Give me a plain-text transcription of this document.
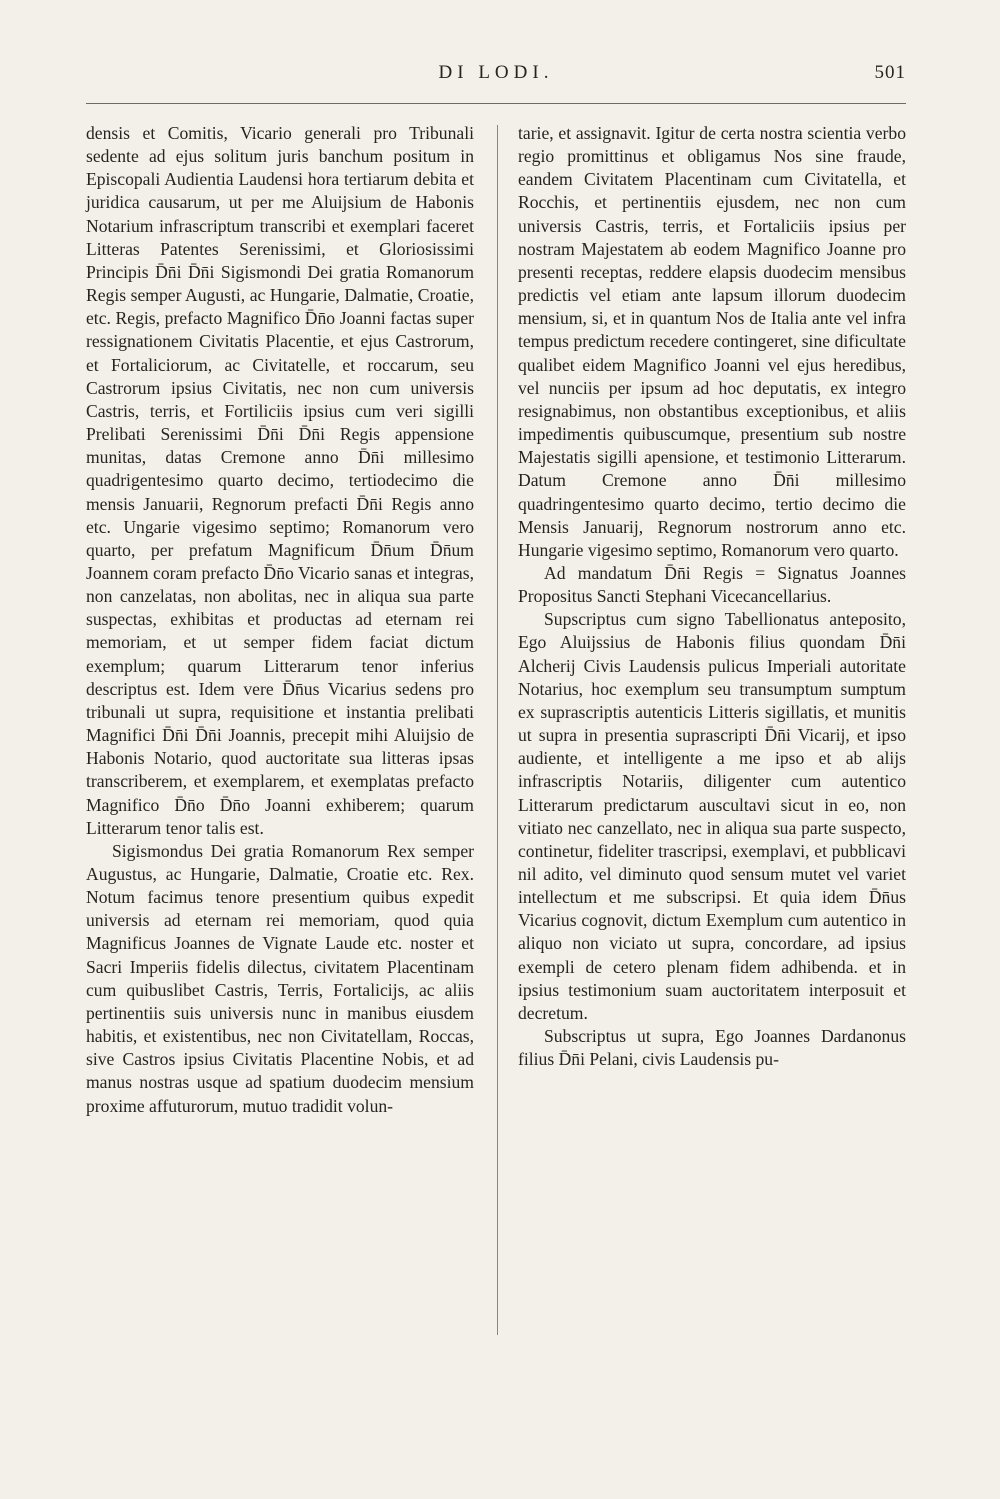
DI LODI.	501

densis et Comitis, Vicario generali pro Tribunali sedente ad ejus solitum juris banchum positum in Episcopali Audientia Laudensi hora tertiarum debita et juridica causarum, ut per me Aluijsium de Habonis Notarium infrascriptum transcribi et exemplari faceret Litteras Patentes Serenissimi, et Gloriosissimi Principis D̄n̄i D̄n̄i Sigismondi Dei gratia Romanorum Regis semper Augusti, ac Hungarie, Dalmatie, Croatie, etc. Regis, prefacto Magnifico D̄n̄o Joanni factas super ressignationem Civitatis Placentie, et ejus Castrorum, et Fortaliciorum, ac Civitatelle, et roccarum, seu Castrorum ipsius Civitatis, nec non cum universis Castris, terris, et Fortiliciis ipsius cum veri sigilli Prelibati Serenissimi D̄n̄i D̄n̄i Regis appensione munitas, datas Cremone anno D̄n̄i millesimo quadrigentesimo quarto decimo, tertiodecimo die mensis Januarii, Regnorum prefacti D̄n̄i Regis anno etc. Ungarie vigesimo septimo; Romanorum vero quarto, per prefatum Magnificum D̄n̄um D̄n̄um Joannem coram prefacto D̄n̄o Vicario sanas et integras, non canzelatas, non abolitas, nec in aliqua sua parte suspectas, exhibitas et productas ad eternam rei memoriam, et ut semper fidem faciat dictum exemplum; quarum Litterarum tenor inferius descriptus est. Idem vere D̄n̄us Vicarius sedens pro tribunali ut supra, requisitione et instantia prelibati Magnifici D̄n̄i D̄n̄i Joannis, precepit mihi Aluijsio de Habonis Notario, quod auctoritate sua litteras ipsas transcriberem, et exemplarem, et exemplatas prefacto Magnifico D̄n̄o D̄n̄o Joanni exhiberem; quarum Litterarum tenor talis est.

Sigismondus Dei gratia Romanorum Rex semper Augustus, ac Hungarie, Dalmatie, Croatie etc. Rex. Notum facimus tenore presentium quibus expedit universis ad eternam rei memoriam, quod quia Magnificus Joannes de Vignate Laude etc. noster et Sacri Imperiis fidelis dilectus, civitatem Placentinam cum quibuslibet Castris, Terris, Fortalicijs, ac aliis pertinentiis suis universis nunc in manibus eiusdem habitis, et existentibus, nec non Civitatellam, Roccas, sive Castros ipsius Civitatis Placentine Nobis, et ad manus nostras usque ad spatium duodecim mensium proxime affuturorum, mutuo tradidit volun-

tarie, et assignavit. Igitur de certa nostra scientia verbo regio promittinus et obligamus Nos sine fraude, eandem Civitatem Placentinam cum Civitatella, et Rocchis, et pertinentiis ejusdem, nec non cum universis Castris, terris, et Fortaliciis ipsius per nostram Majestatem ab eodem Magnifico Joanne pro presenti receptas, reddere elapsis duodecim mensibus predictis vel etiam ante lapsum illorum duodecim mensium, si, et in quantum Nos de Italia ante vel infra tempus predictum recedere contingeret, sine dificultate qualibet eidem Magnifico Joanni vel ejus heredibus, vel nunciis per ipsum ad hoc deputatis, ex integro resignabimus, non obstantibus exceptionibus, et aliis impedimentis quibuscumque, presentium sub nostre Majestatis sigilli apensione, et testimonio Litterarum. Datum Cremone anno D̄n̄i millesimo quadringentesimo quarto decimo, tertio decimo die Mensis Januarij, Regnorum nostrorum anno etc. Hungarie vigesimo septimo, Romanorum vero quarto.

Ad mandatum D̄n̄i Regis = Signatus Joannes Propositus Sancti Stephani Vicecancellarius.

Supscriptus cum signo Tabellionatus anteposito, Ego Aluijssius de Habonis filius quondam D̄n̄i Alcherij Civis Laudensis pulicus Imperiali autoritate Notarius, hoc exemplum seu transumptum sumptum ex suprascriptis autenticis Litteris sigillatis, et munitis ut supra in presentia suprascripti D̄n̄i Vicarij, et ipso audiente, et intelligente a me ipso et ab alijs infrascriptis Notariis, diligenter cum autentico Litterarum predictarum auscultavi sicut in eo, non vitiato nec canzellato, nec in aliqua sua parte suspecto, continetur, fideliter trascripsi, exemplavi, et pubblicavi nil adito, vel diminuto quod sensum mutet vel variet intellectum et me subscripsi. Et quia idem D̄n̄us Vicarius cognovit, dictum Exemplum cum autentico in aliquo non viciato ut supra, concordare, ad ipsius exempli de cetero plenam fidem adhibenda. et in ipsius testimonium suam auctoritatem interposuit et decretum.

Subscriptus ut supra, Ego Joannes Dardanonus filius D̄n̄i Pelani, civis Laudensis pu-
